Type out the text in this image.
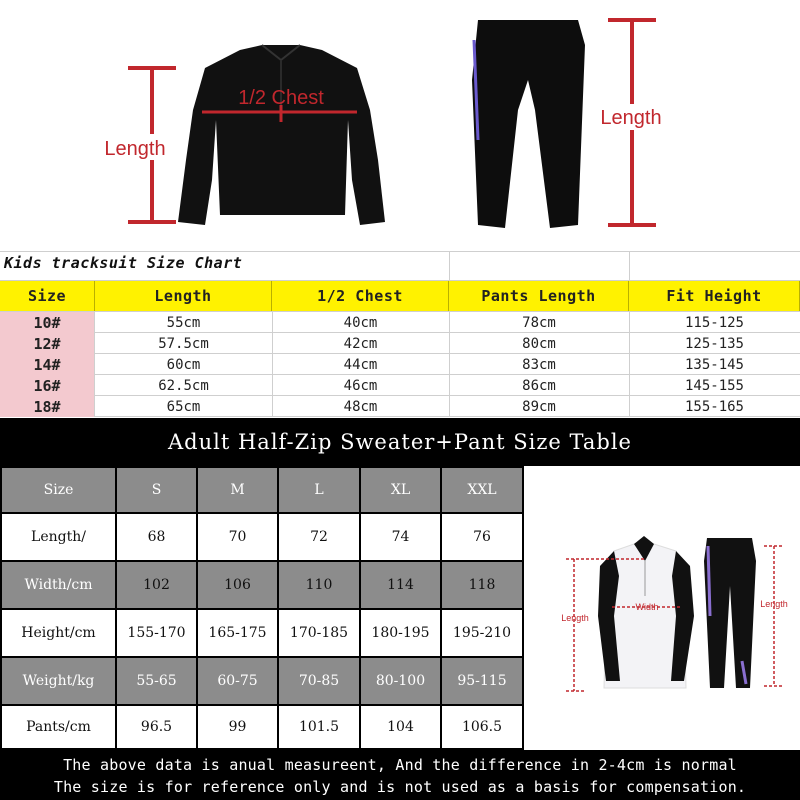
Length
1/2 Chest
Length
Kids tracksuit Size Chart
Size	Length	1/2 Chest	Pants Length	Fit Height
10#	55cm	40cm	78cm	115-125
12#	57.5cm	42cm	80cm	125-135
14#	60cm	44cm	83cm	135-145
16#	62.5cm	46cm	86cm	145-155
18#	65cm	48cm	89cm	155-165
Adult Half-Zip Sweater+Pant Size Table
Size	S	M	L	XL	XXL
Length/	68	70	72	74	76
Width/cm	102	106	110	114	118
Height/cm	155-170	165-175	170-185	180-195	195-210
Weight/kg	55-65	60-75	70-85	80-100	95-115
Pants/cm	96.5	99	101.5	104	106.5
Length
Width	Length
The above data is anual measureent, And the difference in 2-4cm is normal
The size is for reference only and is not used as a basis for compensation.
